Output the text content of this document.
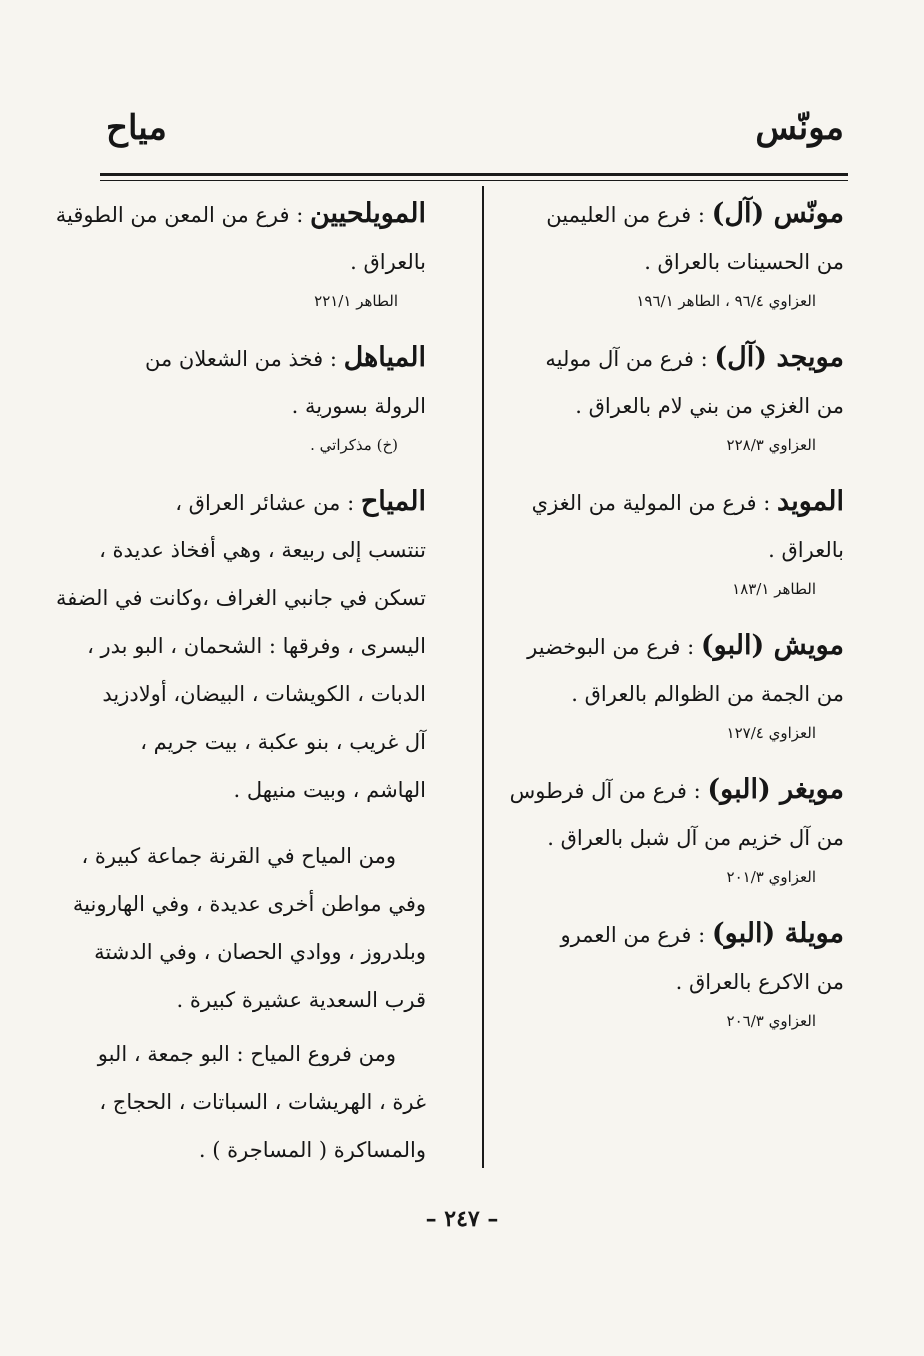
مونّس
مياح
مونّس (آل) : فرع من العليمين
من الحسينات بالعراق .
العزاوي ٩٦/٤ ، الطاهر ١٩٦/١
مويجد (آل) : فرع من آل موليه
من الغزي من بني لام بالعراق .
العزاوي ٢٢٨/٣
المويد : فرع من المولية من الغزي
بالعراق .
الطاهر ١٨٣/١
مويش (البو) : فرع من البوخضير
من الجمة من الظوالم بالعراق .
العزاوي ١٢٧/٤
مويغر (البو) : فرع من آل فرطوس
من آل خزيم من آل شبل بالعراق .
العزاوي ٢٠١/٣
مويلة (البو) : فرع من العمرو
من الاكرع بالعراق .
العزاوي ٢٠٦/٣
المويلحيين : فرع من المعن من الطوقية
بالعراق .
الطاهر ٢٢١/١
المياهل : فخذ من الشعلان من
الرولة بسورية .
(خ) مذكراتي .
المياح : من عشائر العراق ،
تنتسب إلى ربيعة ، وهي أفخاذ عديدة ،
تسكن في جانبي الغراف ،وكانت في الضفة
اليسرى ، وفرقها : الشحمان ، البو بدر ،
الدبات ، الكويشات ، البيضان، أولادزيد
آل غريب ، بنو عكبة ، بيت جريم ،
الهاشم ، وبيت منيهل .
ومن المياح في القرنة جماعة كبيرة ،
وفي مواطن أخرى عديدة ، وفي الهارونية
وبلدروز ، ووادي الحصان ، وفي الدشتة
قرب السعدية عشيرة كبيرة .
ومن فروع المياح : البو جمعة ، البو
غرة ، الهريشات ، السباتات ، الحجاج ،
والمساكرة ( المساجرة ) .
– ٢٤٧ –
